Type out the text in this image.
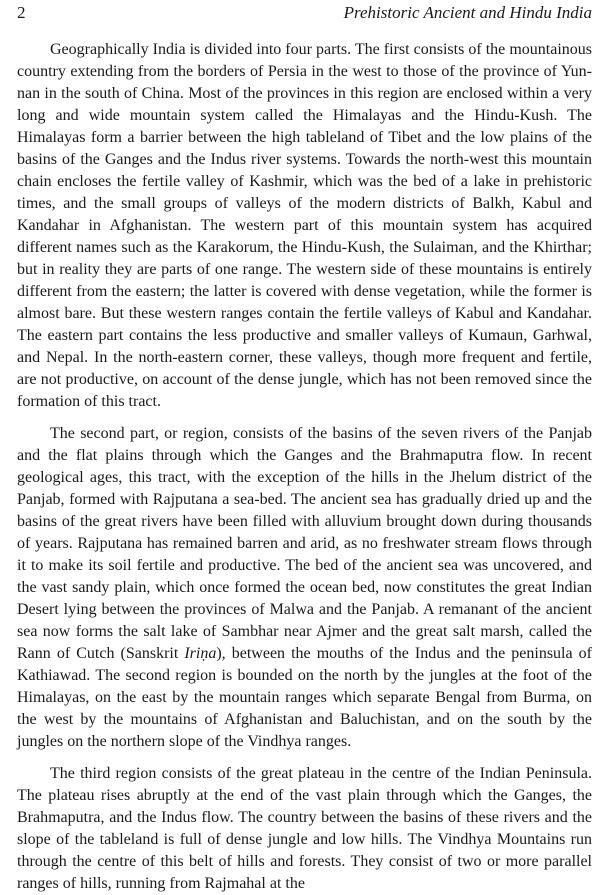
2	Prehistoric Ancient and Hindu India

Geographically India is divided into four parts. The first consists of the mountainous country extending from the borders of Persia in the west to those of the province of Yun-nan in the south of China. Most of the provinces in this region are enclosed within a very long and wide mountain system called the Himalayas and the Hindu-Kush. The Himalayas form a barrier between the high tableland of Tibet and the low plains of the basins of the Ganges and the Indus river systems. Towards the north-west this mountain chain encloses the fertile valley of Kashmir, which was the bed of a lake in prehistoric times, and the small groups of valleys of the modern districts of Balkh, Kabul and Kandahar in Afghanistan. The western part of this mountain system has acquired different names such as the Karakorum, the Hindu-Kush, the Sulaiman, and the Khirthar; but in reality they are parts of one range. The western side of these mountains is entirely different from the eastern; the latter is covered with dense vegetation, while the former is almost bare. But these western ranges contain the fertile valleys of Kabul and Kandahar. The eastern part contains the less productive and smaller valleys of Kumaun, Garhwal, and Nepal. In the north-eastern corner, these valleys, though more frequent and fertile, are not productive, on account of the dense jungle, which has not been removed since the formation of this tract.

The second part, or region, consists of the basins of the seven rivers of the Panjab and the flat plains through which the Ganges and the Brahmaputra flow. In recent geological ages, this tract, with the exception of the hills in the Jhelum district of the Panjab, formed with Rajputana a sea-bed. The ancient sea has gradually dried up and the basins of the great rivers have been filled with alluvium brought down during thousands of years. Rajputana has remained barren and arid, as no freshwater stream flows through it to make its soil fertile and productive. The bed of the ancient sea was uncovered, and the vast sandy plain, which once formed the ocean bed, now constitutes the great Indian Desert lying between the provinces of Malwa and the Panjab. A remanant of the ancient sea now forms the salt lake of Sambhar near Ajmer and the great salt marsh, called the Rann of Cutch (Sanskrit Iriṇa), between the mouths of the Indus and the peninsula of Kathiawad. The second region is bounded on the north by the jungles at the foot of the Himalayas, on the east by the mountain ranges which separate Bengal from Burma, on the west by the mountains of Afghanistan and Baluchistan, and on the south by the jungles on the northern slope of the Vindhya ranges.

The third region consists of the great plateau in the centre of the Indian Peninsula. The plateau rises abruptly at the end of the vast plain through which the Ganges, the Brahmaputra, and the Indus flow. The country between the basins of these rivers and the slope of the tableland is full of dense jungle and low hills. The Vindhya Mountains run through the centre of this belt of hills and forests. They consist of two or more parallel ranges of hills, running from Rajmahal at the
